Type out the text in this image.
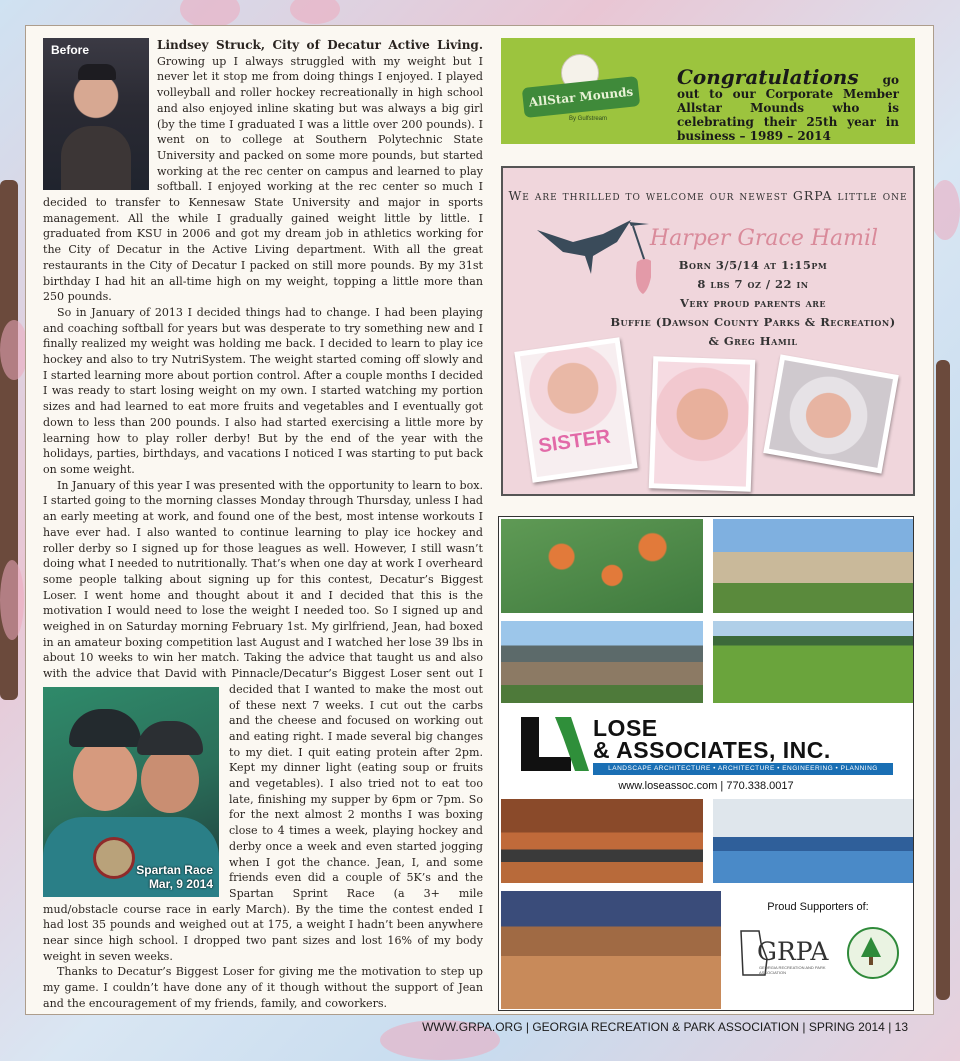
Before
Spartan Race
Mar, 9 2014

Lindsey Struck, City of Decatur Active Living. Growing up I always struggled with my weight but I never let it stop me from doing things I enjoyed. I played volleyball and roller hockey recreationally in high school and also enjoyed inline skating but was always a big girl (by the time I graduated I was a little over 200 pounds). I went on to college at Southern Polytechnic State University and packed on some more pounds, but started working at the rec center on campus and learned to play softball. I enjoyed working at the rec center so much I decided to transfer to Kennesaw State University and major in sports management. All the while I gradually gained weight little by little. I graduated from KSU in 2006 and got my dream job in athletics working for the City of Decatur in the Active Living department. With all the great restaurants in the City of Decatur I packed on still more pounds. By my 31st birthday I had hit an all-time high on my weight, topping a little more than 250 pounds.

So in January of 2013 I decided things had to change. I had been playing and coaching softball for years but was desperate to try something new and I finally realized my weight was holding me back. I decided to learn to play ice hockey and also to try NutriSystem. The weight started coming off slowly and I started learning more about portion control. After a couple months I decided I was ready to start losing weight on my own. I started watching my portion sizes and had learned to eat more fruits and vegetables and I eventually got down to less than 200 pounds. I also had started exercising a little more by learning how to play roller derby! But by the end of the year with the holidays, parties, birthdays, and vacations I noticed I was starting to put back on some weight.

In January of this year I was presented with the opportunity to learn to box. I started going to the morning classes Monday through Thursday, unless I had an early meeting at work, and found one of the best, most intense workouts I have ever had. I also wanted to continue learning to play ice hockey and roller derby so I signed up for those leagues as well. However, I still wasn’t doing what I needed to nutritionally. That’s when one day at work I overheard some people talking about signing up for this contest, Decatur’s Biggest Loser. I went home and thought about it and I decided that this is the motivation I would need to lose the weight I needed too. So I signed up and weighed in on Saturday morning February 1st. My girlfriend, Jean, had boxed in an amateur boxing competition last August and I watched her lose 39 lbs in about 10 weeks to win her match. Taking the advice that taught us and also with the advice that David with Pinnacle/Decatur’s Biggest Loser sent out I decided that I wanted to make the most out of these next 7 weeks. I cut out the carbs and the cheese and focused on working out and eating right. I made several big changes to my diet. I quit eating protein after 2pm. Kept my dinner light (eating soup or fruits and vegetables). I also tried not to eat too late, finishing my supper by 6pm or 7pm. So for the next almost 2 months I was boxing close to 4 times a week, playing hockey and derby once a week and even started jogging when I got the chance. Jean, I, and some friends even did a couple of 5K’s and the Spartan Sprint Race (a 3+ mile mud/obstacle course race in early March). By the time the contest ended I had lost 35 pounds and weighed out at 175, a weight I hadn’t been anywhere near since high school. I dropped two pant sizes and lost 16% of my body weight in seven weeks.

Thanks to Decatur’s Biggest Loser for giving me the motivation to step up my game. I couldn’t have done any of it though without the support of Jean and the encouragement of my friends, family, and coworkers.

AllStar Mounds
By Gulfstream
Congratulations go out to our Corporate Member Allstar Mounds who is celebrating their 25th year in business – 1989 – 2014
We are thrilled to welcome our newest GRPA little one
Harper Grace Hamil
Born 3/5/14 at 1:15pm
8 lbs 7 oz / 22 in
Very proud parents are
Buffie (Dawson County Parks & Recreation)
& Greg Hamil
SISTER
LOSE
& ASSOCIATES, INC.
LANDSCAPE ARCHITECTURE • ARCHITECTURE • ENGINEERING • PLANNING
www.loseassoc.com | 770.338.0017
Proud Supporters of:
GRPA
GEORGIA RECREATION AND PARK ASSOCIATION
WWW.GRPA.ORG | GEORGIA RECREATION & PARK ASSOCIATION | SPRING 2014 | 13
